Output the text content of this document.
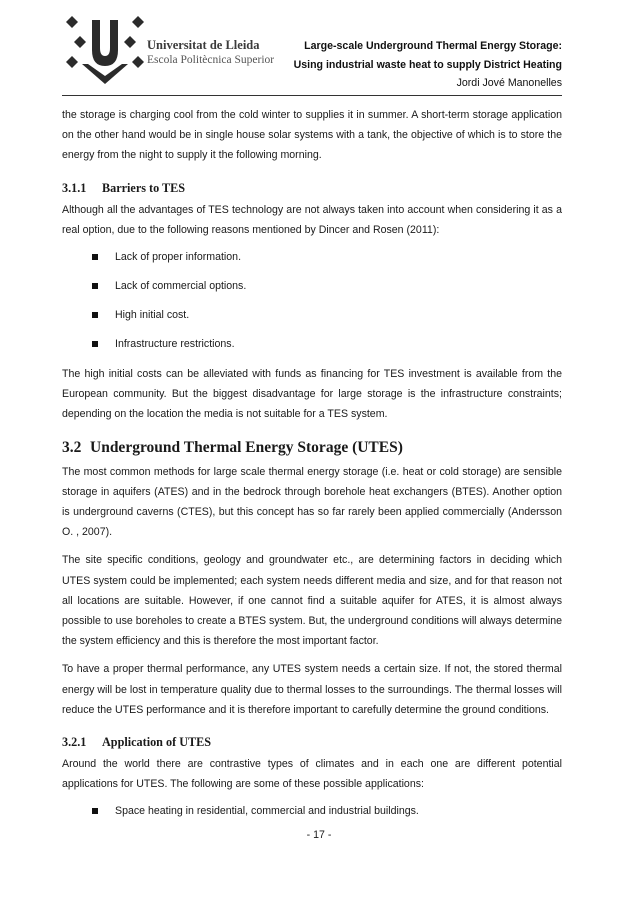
Universitat de Lleida
Escola Politècnica Superior
Large-scale Underground Thermal Energy Storage:
Using industrial waste heat to supply District Heating
Jordi Jové Manonelles

the storage is charging cool from the cold winter to supplies it in summer. A short-term storage application on the other hand would be in single house solar systems with a tank, the objective of which is to store the energy from the night to supply it the following morning.

3.1.1 Barriers to TES

Although all the advantages of TES technology are not always taken into account when considering it as a real option, due to the following reasons mentioned by Dincer and Rosen (2011):

Lack of proper information.
Lack of commercial options.
High initial cost.
Infrastructure restrictions.

The high initial costs can be alleviated with funds as financing for TES investment is available from the European community. But the biggest disadvantage for large storage is the infrastructure constraints; depending on the location the media is not suitable for a TES system.

3.2 Underground Thermal Energy Storage (UTES)

The most common methods for large scale thermal energy storage (i.e. heat or cold storage) are sensible storage in aquifers (ATES) and in the bedrock through borehole heat exchangers (BTES). Another option is underground caverns (CTES), but this concept has so far rarely been applied commercially (Andersson O. , 2007).

The site specific conditions, geology and groundwater etc., are determining factors in deciding which UTES system could be implemented; each system needs different media and size, and for that reason not all locations are suitable. However, if one cannot find a suitable aquifer for ATES, it is almost always possible to use boreholes to create a BTES system. But, the underground conditions will always determine the system efficiency and this is therefore the most important factor.

To have a proper thermal performance, any UTES system needs a certain size. If not, the stored thermal energy will be lost in temperature quality due to thermal losses to the surroundings. The thermal losses will reduce the UTES performance and it is therefore important to carefully determine the ground conditions.

3.2.1 Application of UTES

Around the world there are contrastive types of climates and in each one are different potential applications for UTES. The following are some of these possible applications:

Space heating in residential, commercial and industrial buildings.
- 17 -
